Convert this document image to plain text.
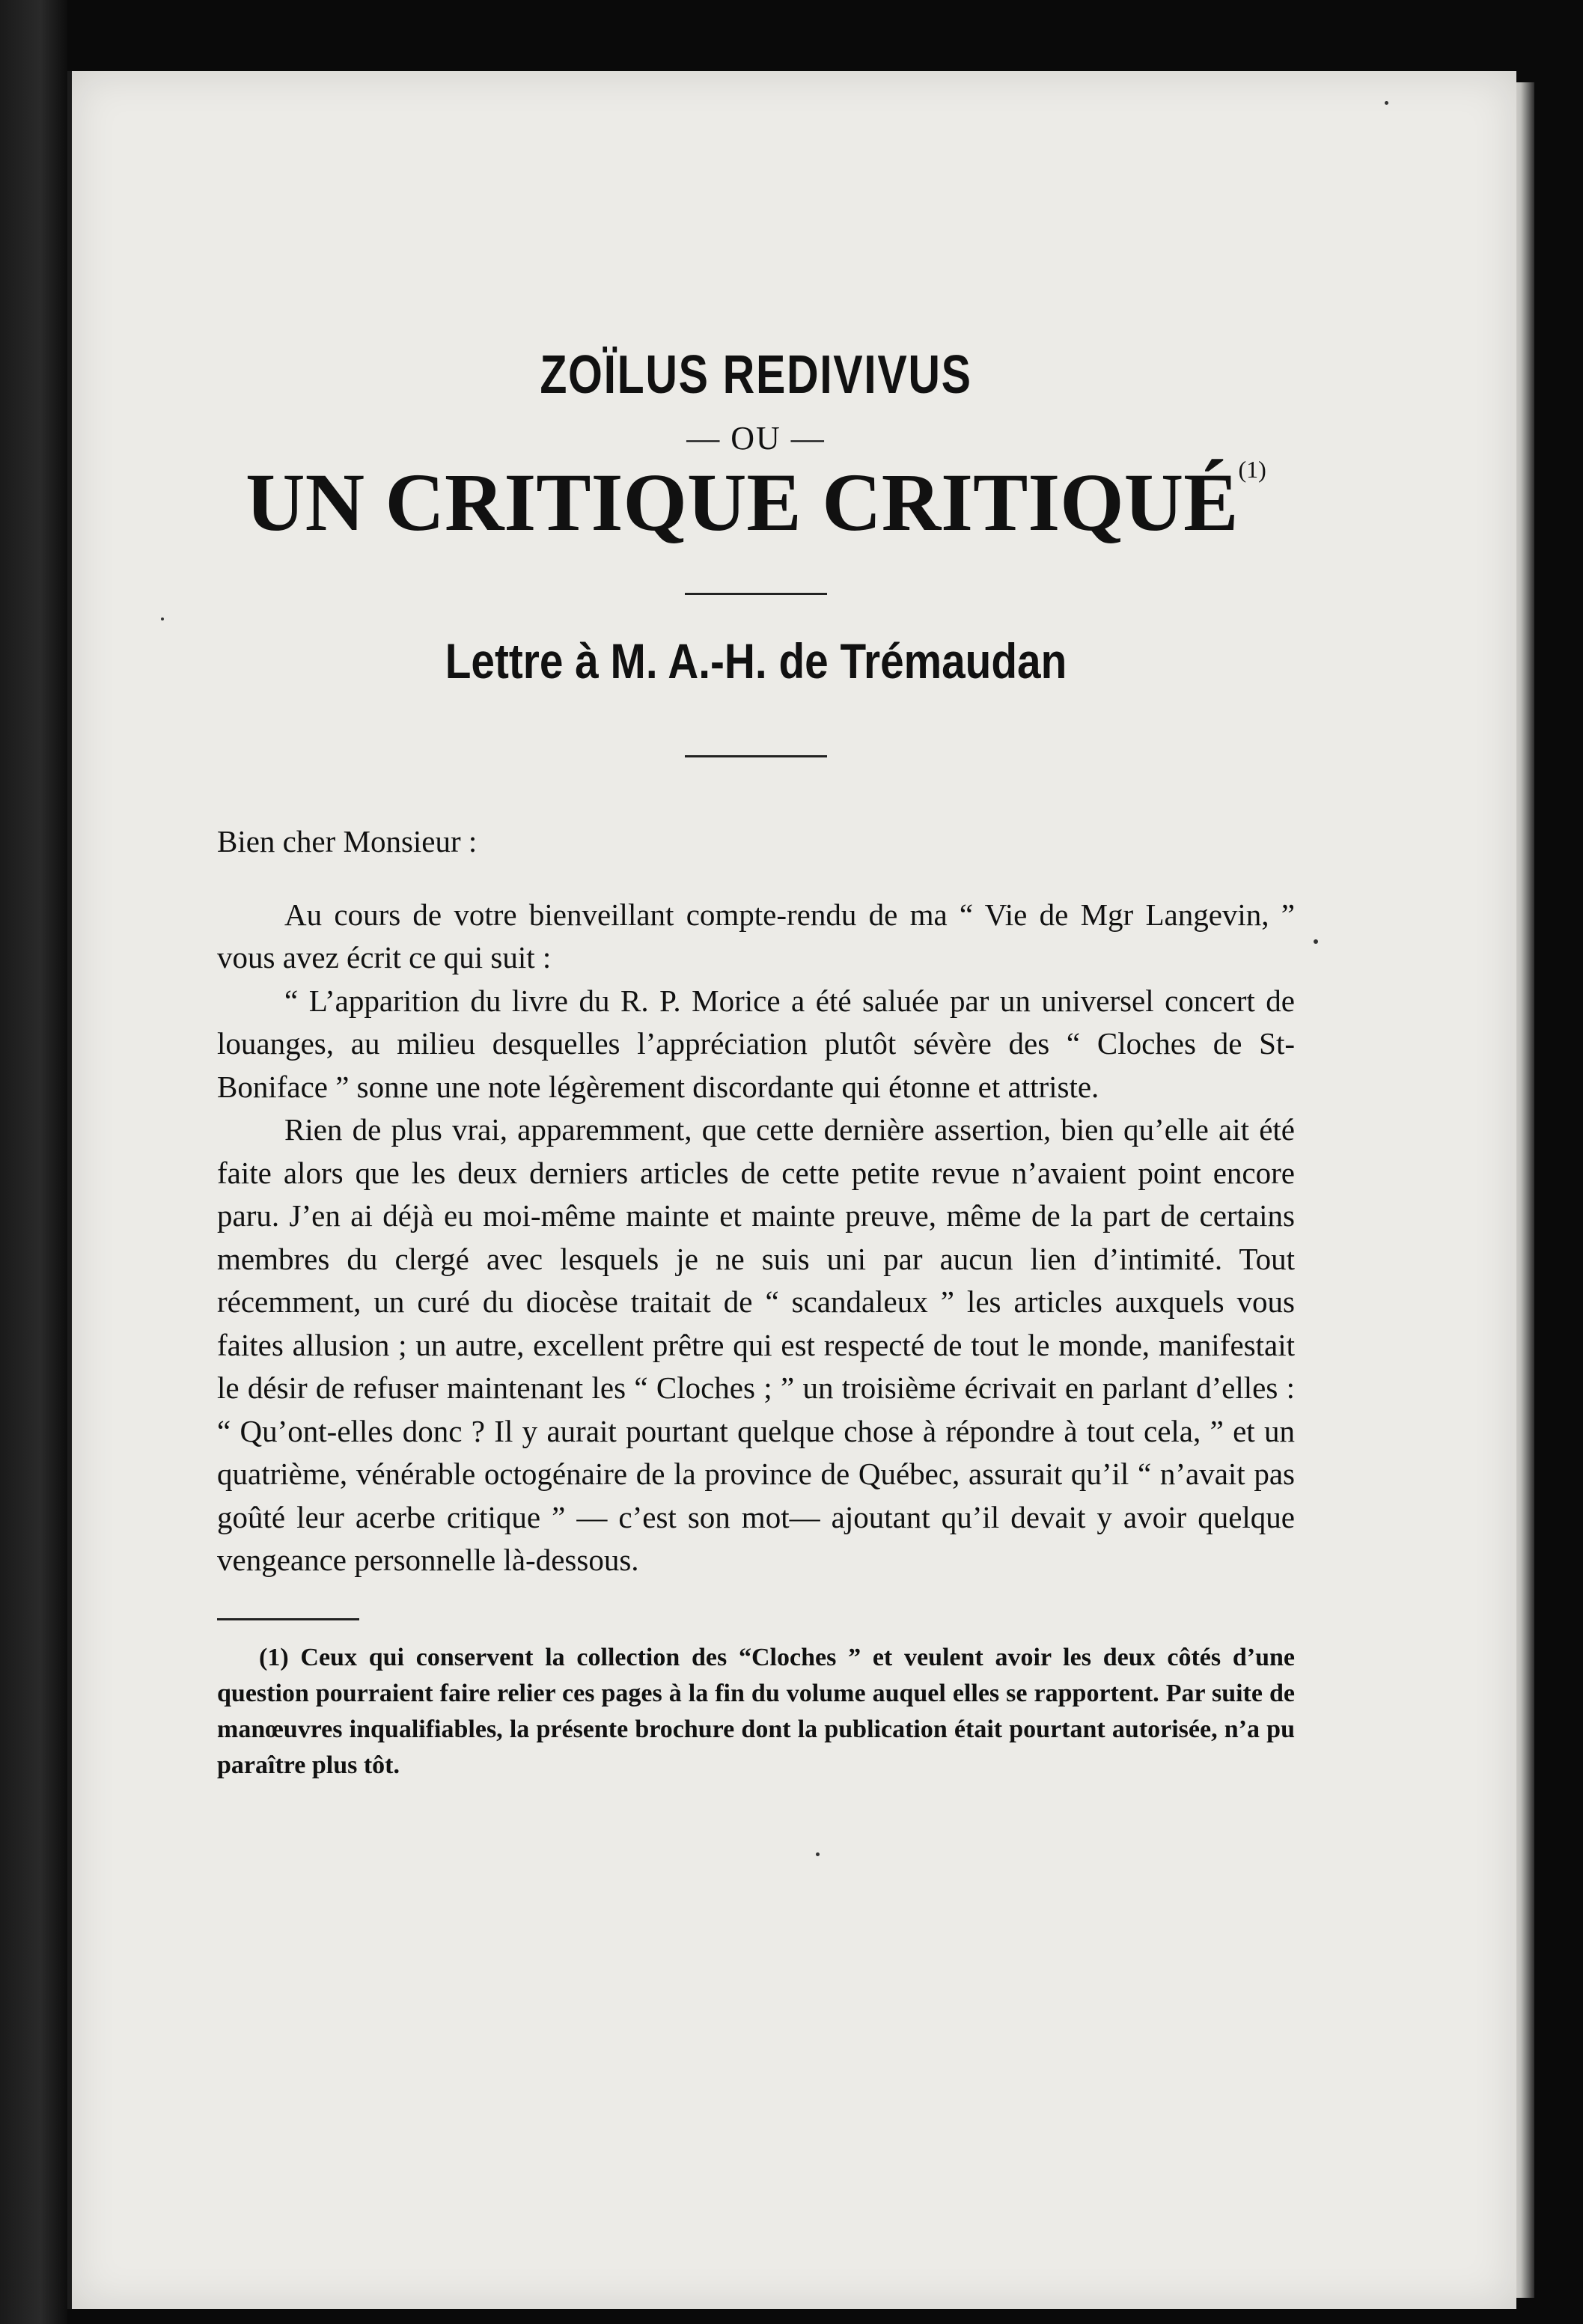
ZOÏLUS REDIVIVUS
— OU —
UN CRITIQUE CRITIQUÉ$^{(1)}$
Lettre à M. A.-H. de Trémaudan
Bien cher Monsieur :

Au cours de votre bienveillant compte-rendu de ma “ Vie de Mgr Langevin, ” vous avez écrit ce qui suit :

“ L’apparition du livre du R. P. Morice a été saluée par un universel concert de louanges, au milieu desquelles l’appréciation plutôt sévère des “ Cloches de St-Boniface ” sonne une note légèrement discordante qui étonne et attriste.

Rien de plus vrai, apparemment, que cette dernière assertion, bien qu’elle ait été faite alors que les deux derniers articles de cette petite revue n’avaient point encore paru. J’en ai déjà eu moi-même mainte et mainte preuve, même de la part de certains membres du clergé avec lesquels je ne suis uni par aucun lien d’intimité. Tout récemment, un curé du diocèse traitait de “ scandaleux ” les articles auxquels vous faites allusion ; un autre, excellent prêtre qui est respecté de tout le monde, manifestait le désir de refuser maintenant les “ Cloches ; ” un troisième écrivait en parlant d’elles : “ Qu’ont-elles donc ? Il y aurait pourtant quelque chose à répondre à tout cela, ” et un quatrième, vénérable octogénaire de la province de Québec, assurait qu’il “ n’avait pas goûté leur acerbe critique ” — c’est son mot— ajoutant qu’il devait y avoir quelque vengeance personnelle là-dessous.

(1) Ceux qui conservent la collection des “Cloches ” et veulent avoir les deux côtés d’une question pourraient faire relier ces pages à la fin du volume auquel elles se rapportent. Par suite de manœuvres inqualifiables, la présente brochure dont la publication était pourtant autorisée, n’a pu paraître plus tôt.
